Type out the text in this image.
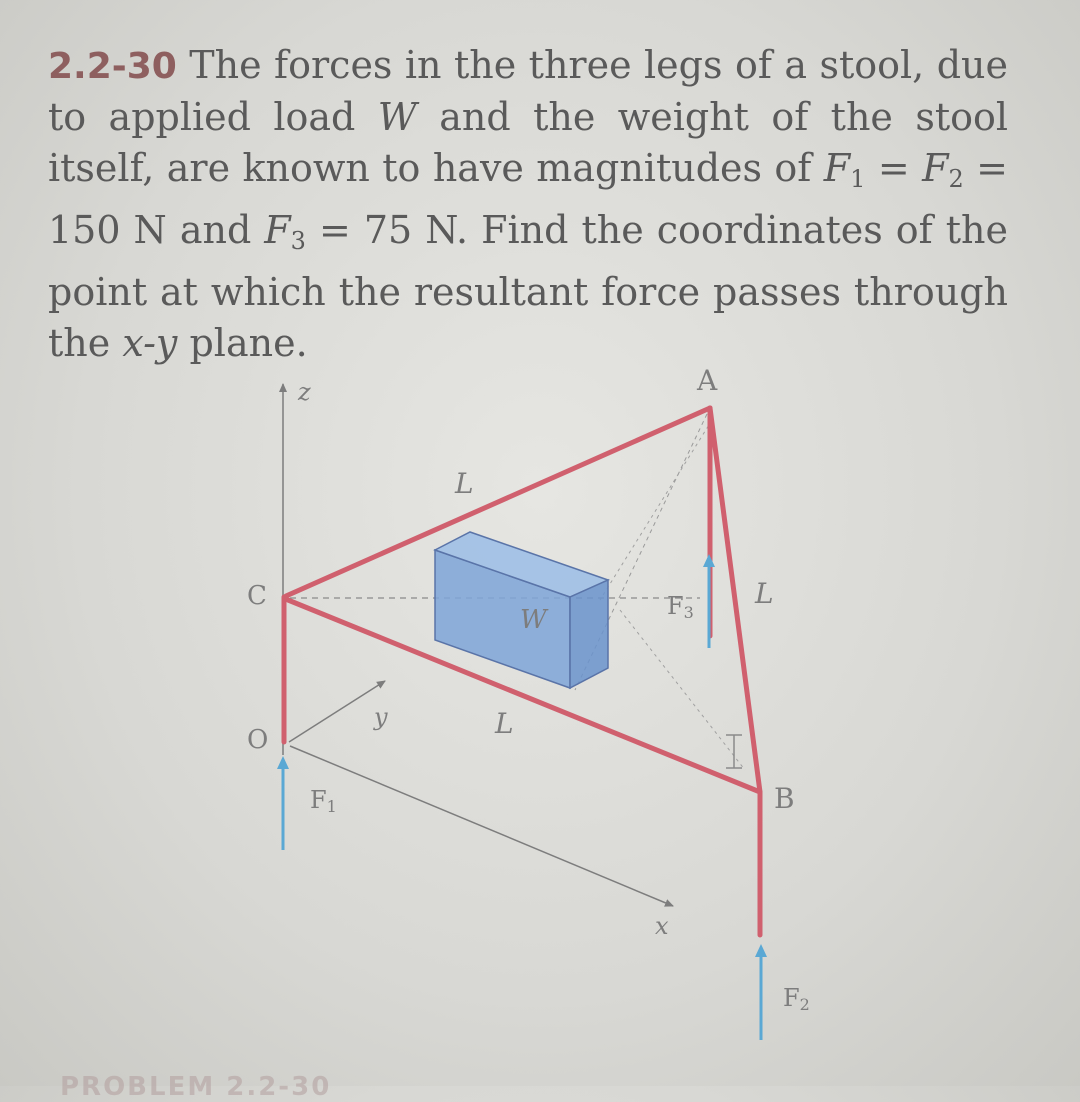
2.2-30 The forces in the three legs of a stool, due to applied load W and the weight of the stool itself, are known to have magnitudes of $F_1 = F_2 = 150$ N and $F_3 = 75$ N. Find the coordinates of the point at which the resultant force passes through the x-y plane.
z
y
x
A
B
C
O
L
L
L
W
F1
F3
F2
PROBLEM 2.2-30
